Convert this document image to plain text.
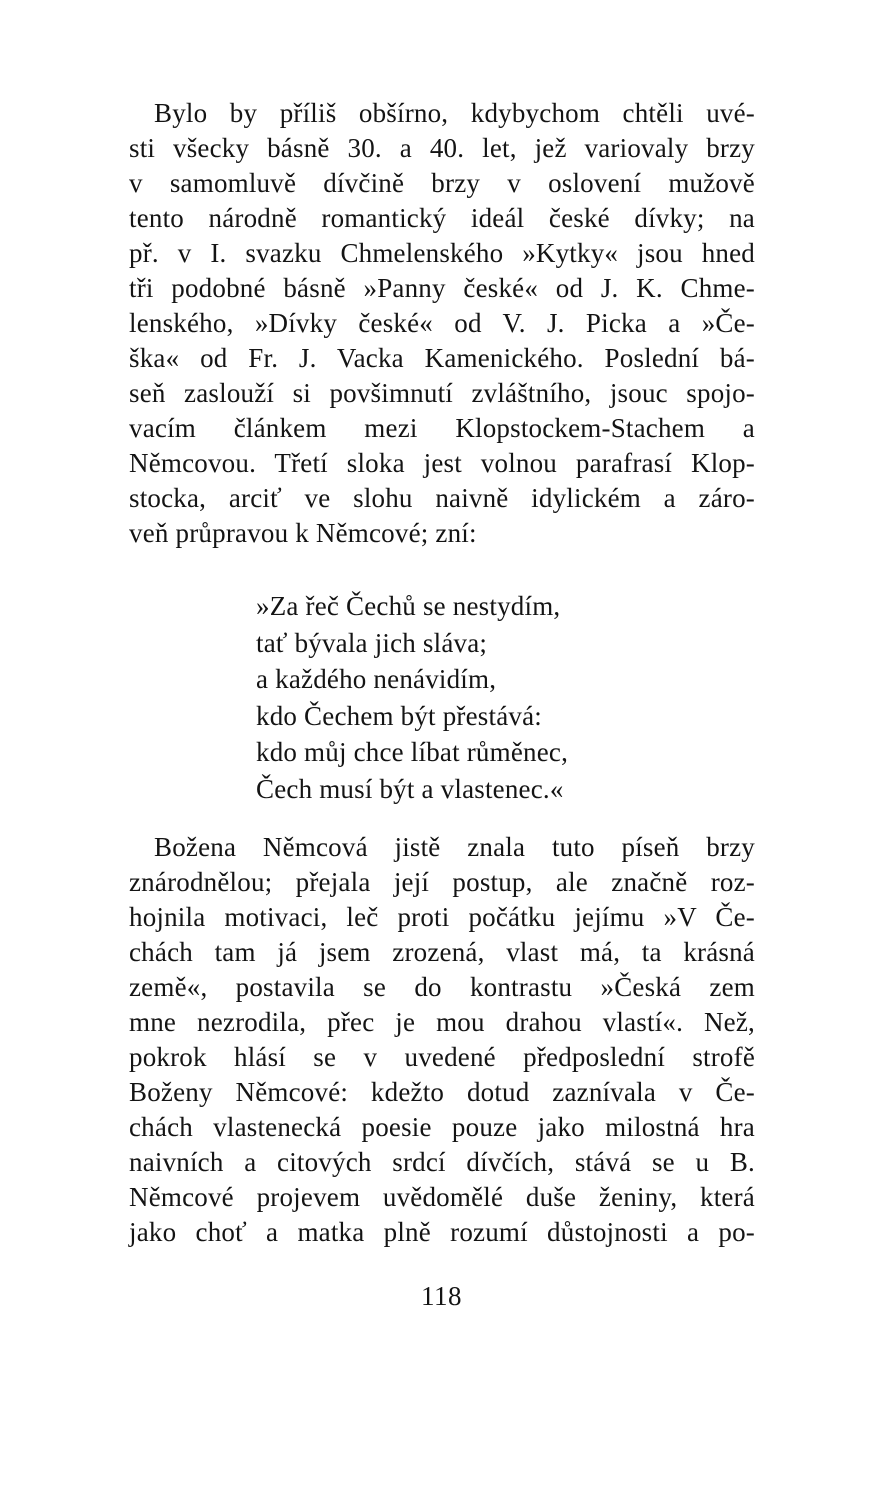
Bylo by příliš obšírno, kdybychom chtěli uvé-
sti všecky básně 30. a 40. let, jež variovaly brzy
v samomluvě dívčině brzy v oslovení mužově
tento národně romantický ideál české dívky; na
př. v I. svazku Chmelenského »Kytky« jsou hned
tři podobné básně »Panny české« od J. K. Chme-
lenského, »Dívky české« od V. J. Picka a »Če-
ška« od Fr. J. Vacka Kamenického. Poslední bá-
seň zaslouží si povšimnutí zvláštního, jsouc spojo-
vacím článkem mezi Klopstockem-Stachem a
Němcovou. Třetí sloka jest volnou parafrasí Klop-
stocka, arciť ve slohu naivně idylickém a záro-
veň průpravou k Němcové; zní:
»Za řeč Čechů se nestydím,
tať bývala jich sláva;
a každého nenávidím,
kdo Čechem být přestává:
kdo můj chce líbat růměnec,
Čech musí být a vlastenec.«
Božena Němcová jistě znala tuto píseň brzy
znárodnělou; přejala její postup, ale značně roz-
hojnila motivaci, leč proti počátku jejímu »V Če-
chách tam já jsem zrozená, vlast má, ta krásná
země«, postavila se do kontrastu »Česká zem
mne nezrodila, přec je mou drahou vlastí«. Než,
pokrok hlásí se v uvedené předposlední strofě
Boženy Němcové: kdežto dotud zaznívala v Če-
chách vlastenecká poesie pouze jako milostná hra
naivních a citových srdcí dívčích, stává se u B.
Němcové projevem uvědomělé duše ženiny, která
jako choť a matka plně rozumí důstojnosti a po-
118
